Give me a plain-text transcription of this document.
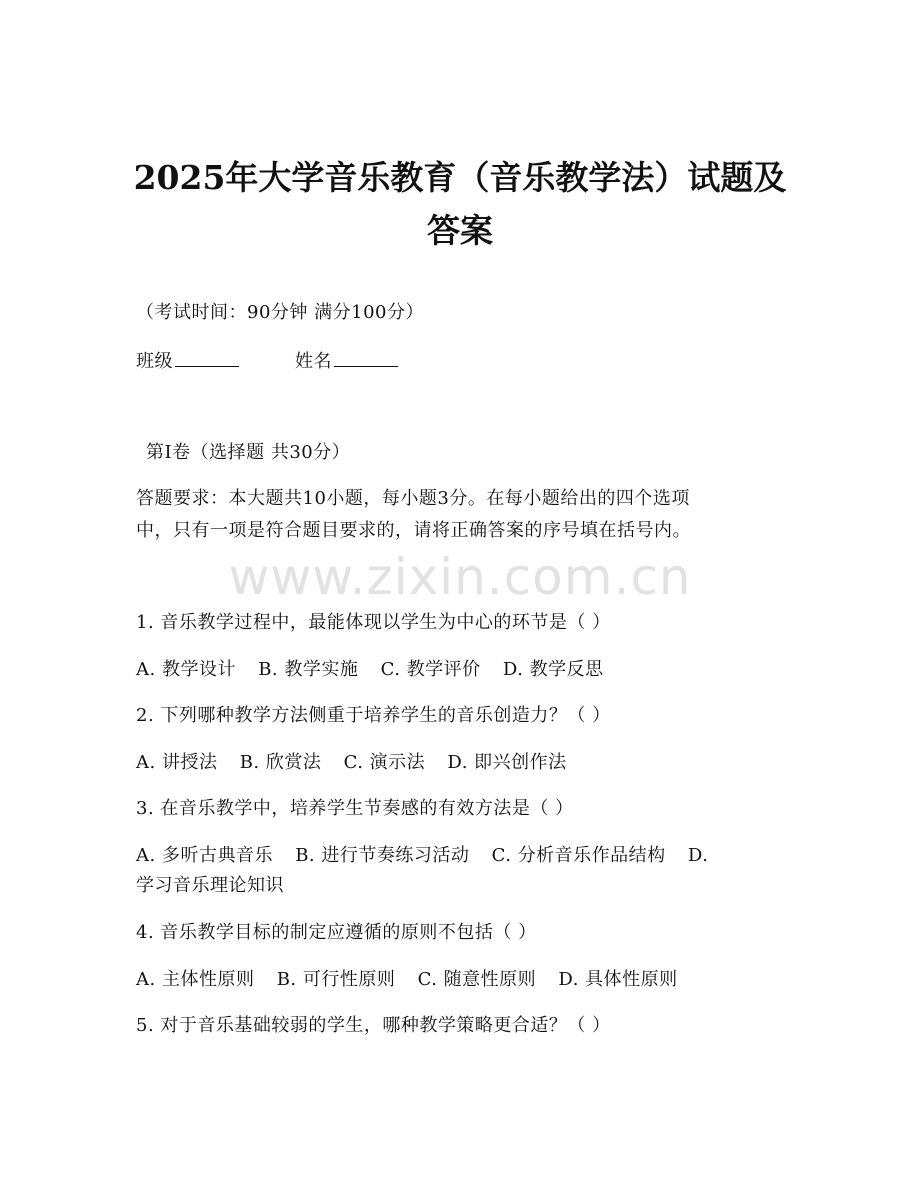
2025年大学音乐教育（音乐教学法）试题及
答案
（考试时间：90分钟 满分100分）
班级	姓名
第I卷（选择题 共30分）
答题要求：本大题共10小题，每小题3分。在每小题给出的四个选项
中，只有一项是符合题目要求的，请将正确答案的序号填在括号内。
www.zixin.com.cn
1. 音乐教学过程中，最能体现以学生为中心的环节是（ ）
A. 教学设计 B. 教学实施 C. 教学评价 D. 教学反思
2. 下列哪种教学方法侧重于培养学生的音乐创造力？（ ）
A. 讲授法 B. 欣赏法 C. 演示法 D. 即兴创作法
3. 在音乐教学中，培养学生节奏感的有效方法是（ ）
A. 多听古典音乐 B. 进行节奏练习活动 C. 分析音乐作品结构 D.
学习音乐理论知识
4. 音乐教学目标的制定应遵循的原则不包括（ ）
A. 主体性原则 B. 可行性原则 C. 随意性原则 D. 具体性原则
5. 对于音乐基础较弱的学生，哪种教学策略更合适？（ ）
